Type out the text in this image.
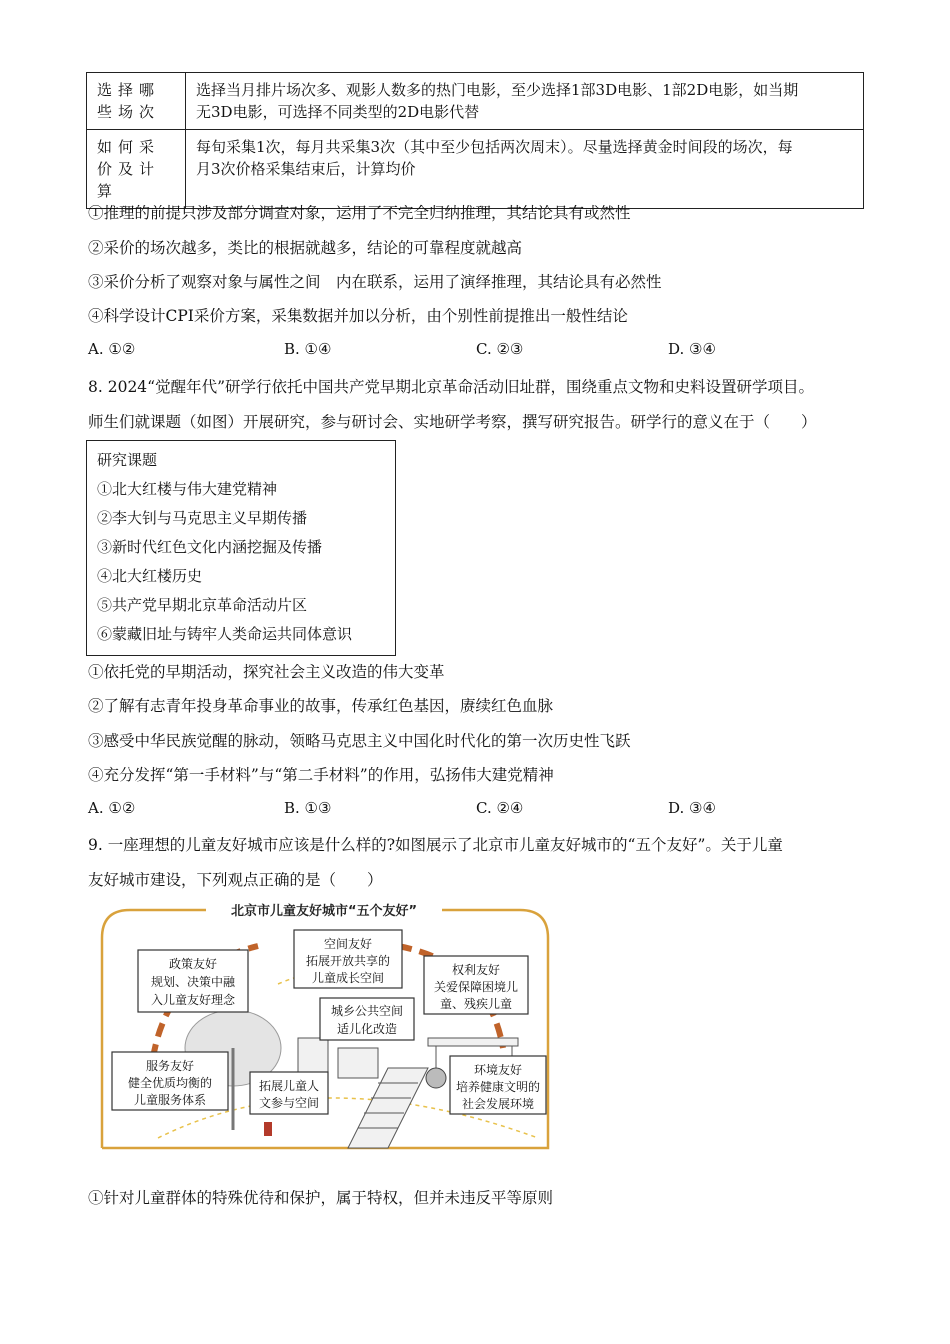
选择哪些场次	选择当月排片场次多、观影人数多的热门电影，至少选择1部3D电影、1部2D电影，如当期
无3D电影，可选择不同类型的2D电影代替

如何采价及计算	每旬采集1次，每月共采集3次（其中至少包括两次周末）。尽量选择黄金时间段的场次，每
月3次价格采集结束后，计算均价
①推理的前提只涉及部分调查对象，运用了不完全归纳推理，其结论具有或然性
②采价的场次越多，类比的根据就越多，结论的可靠程度就越高
③采价分析了观察对象与属性之间　内在联系，运用了演绎推理，其结论具有必然性
④科学设计CPI采价方案，采集数据并加以分析，由个别性前提推出一般性结论
A. ①②	B. ①④	C. ②③	D. ③④
8. 2024“觉醒年代”研学行依托中国共产党早期北京革命活动旧址群，围绕重点文物和史料设置研学项目。
师生们就课题（如图）开展研究，参与研讨会、实地研学考察，撰写研究报告。研学行的意义在于（　　）
研究课题
①北大红楼与伟大建党精神
②李大钊与马克思主义早期传播
③新时代红色文化内涵挖掘及传播
④北大红楼历史
⑤共产党早期北京革命活动片区
⑥蒙藏旧址与铸牢人类命运共同体意识
①依托党的早期活动，探究社会主义改造的伟大变革
②了解有志青年投身革命事业的故事，传承红色基因，赓续红色血脉
③感受中华民族觉醒的脉动，领略马克思主义中国化时代化的第一次历史性飞跃
④充分发挥“第一手材料”与“第二手材料”的作用，弘扬伟大建党精神
A. ①②	B. ①③	C. ②④	D. ③④
9. 一座理想的儿童友好城市应该是什么样的?如图展示了北京市儿童友好城市的“五个友好”。关于儿童
友好城市建设，下列观点正确的是（　　）
北京市儿童友好城市“五个友好”
政策友好
规划、决策中融
入儿童友好理念
空间友好
拓展开放共享的
儿童成长空间
权利友好
关爱保障困境儿
童、残疾儿童
城乡公共空间
适儿化改造
服务友好
健全优质均衡的
儿童服务体系
拓展儿童人
文参与空间
环境友好
培养健康文明的
社会发展环境
①针对儿童群体的特殊优待和保护，属于特权，但并未违反平等原则
